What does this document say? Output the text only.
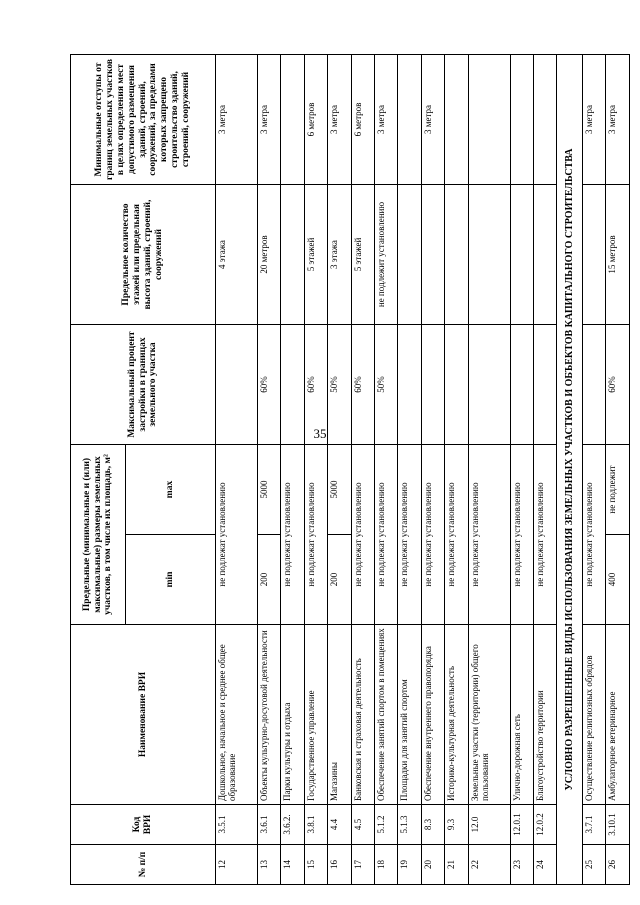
35
№ п/п	Код ВРИ	Наименование ВРИ	Предельные (минимальные и (или) максимальные) размеры земельных участков, в том числе их площадь, м²		Максимальный процент застройки в границах земельного участка	Предельное количество этажей или предельная высота зданий, строений, сооружений	Минимальные отступы от границ земельных участков в целях определения мест допустимого размещения зданий, строений, сооружений, за пределами которых запрещено строительство зданий, строений, сооружений
			min	max			
12	3.5.1	Дошкольное, начальное и среднее общее образование	не подлежат установлению			4 этажа	3 метра
13	3.6.1	Объекты культурно-досуговой деятельности	200	5000	60%	20 метров	3 метра
14	3.6.2.	Парки культуры и отдыха	не подлежат установлению				
15	3.8.1	Государственное управление	не подлежат установлению		60%	5 этажей	6 метров
16	4.4	Магазины	200	5000	50%	3 этажа	3 метра
17	4.5	Банковская и страховая деятельность	не подлежат установлению		60%	5 этажей	6 метров
18	5.1.2	Обеспечение занятий спортом в помещениях	не подлежат установлению		50%	не подлежит установлению	3 метра
19	5.1.3	Площадки для занятий спортом	не подлежат установлению				
20	8.3	Обеспечение внутреннего правопорядка	не подлежат установлению				3 метра
21	9.3	Историко-культурная деятельность	не подлежат установлению				
22	12.0	Земельные участки (территории) общего пользования	не подлежат установлению				
23	12.0.1	Улично-дорожная сеть	не подлежат установлению				
24	12.0.2	Благоустройство территории	не подлежат установлению				
УСЛОВНО РАЗРЕШЕННЫЕ ВИДЫ ИСПОЛЬЗОВАНИЯ ЗЕМЕЛЬНЫХ УЧАСТКОВ И ОБЪЕКТОВ КАПИТАЛЬНОГО СТРОИТЕЛЬСТВА							
25	3.7.1	Осуществление религиозных обрядов	не подлежат установлению				3 метра
26	3.10.1	Амбулаторное ветеринарное	400	не подлежит	60%	15 метров	3 метра
